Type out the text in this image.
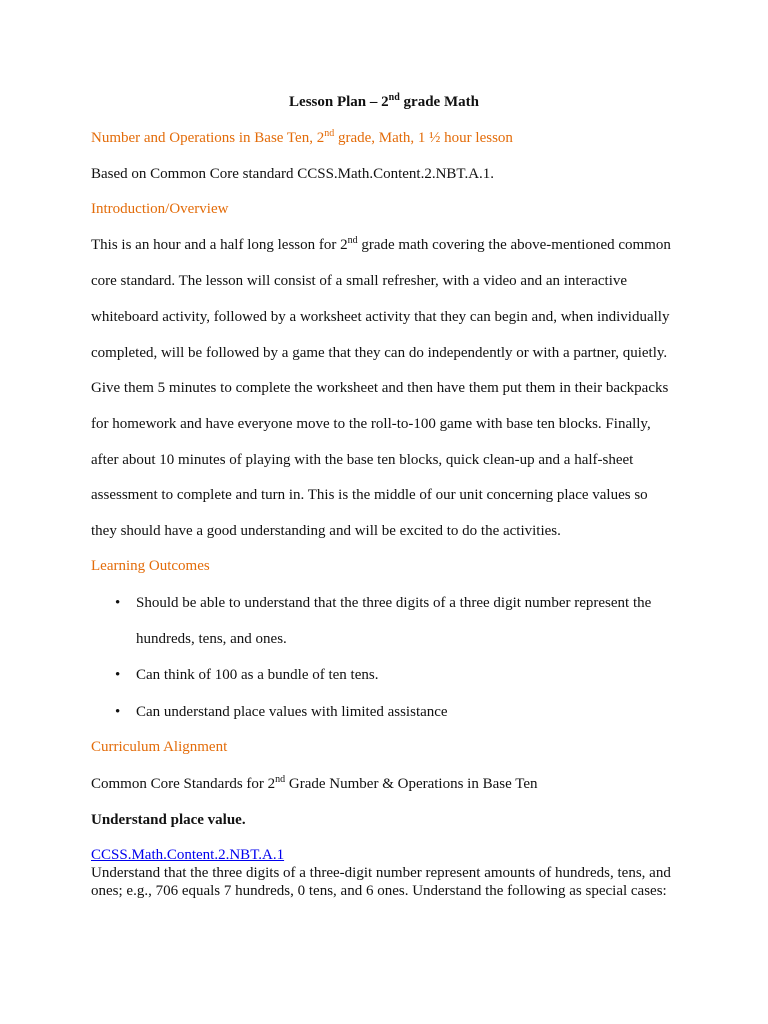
Lesson Plan – 2nd grade Math

Number and Operations in Base Ten, 2nd grade, Math, 1 ½ hour lesson

Based on Common Core standard CCSS.Math.Content.2.NBT.A.1.

Introduction/Overview

This is an hour and a half long lesson for 2nd grade math covering the above-mentioned common

core standard. The lesson will consist of a small refresher, with a video and an interactive

whiteboard activity, followed by a worksheet activity that they can begin and, when individually

completed, will be followed by a game that they can do independently or with a partner, quietly.

Give them 5 minutes to complete the worksheet and then have them put them in their backpacks

for homework and have everyone move to the roll-to-100 game with base ten blocks. Finally,

after about 10 minutes of playing with the base ten blocks, quick clean-up and a half-sheet

assessment to complete and turn in. This is the middle of our unit concerning place values so

they should have a good understanding and will be excited to do the activities.

Learning Outcomes

• Should be able to understand that the three digits of a three digit number represent the

hundreds, tens, and ones.

• Can think of 100 as a bundle of ten tens.

• Can understand place values with limited assistance

Curriculum Alignment

Common Core Standards for 2nd Grade Number & Operations in Base Ten

Understand place value.

CCSS.Math.Content.2.NBT.A.1

Understand that the three digits of a three-digit number represent amounts of hundreds, tens, and

ones; e.g., 706 equals 7 hundreds, 0 tens, and 6 ones. Understand the following as special cases:
